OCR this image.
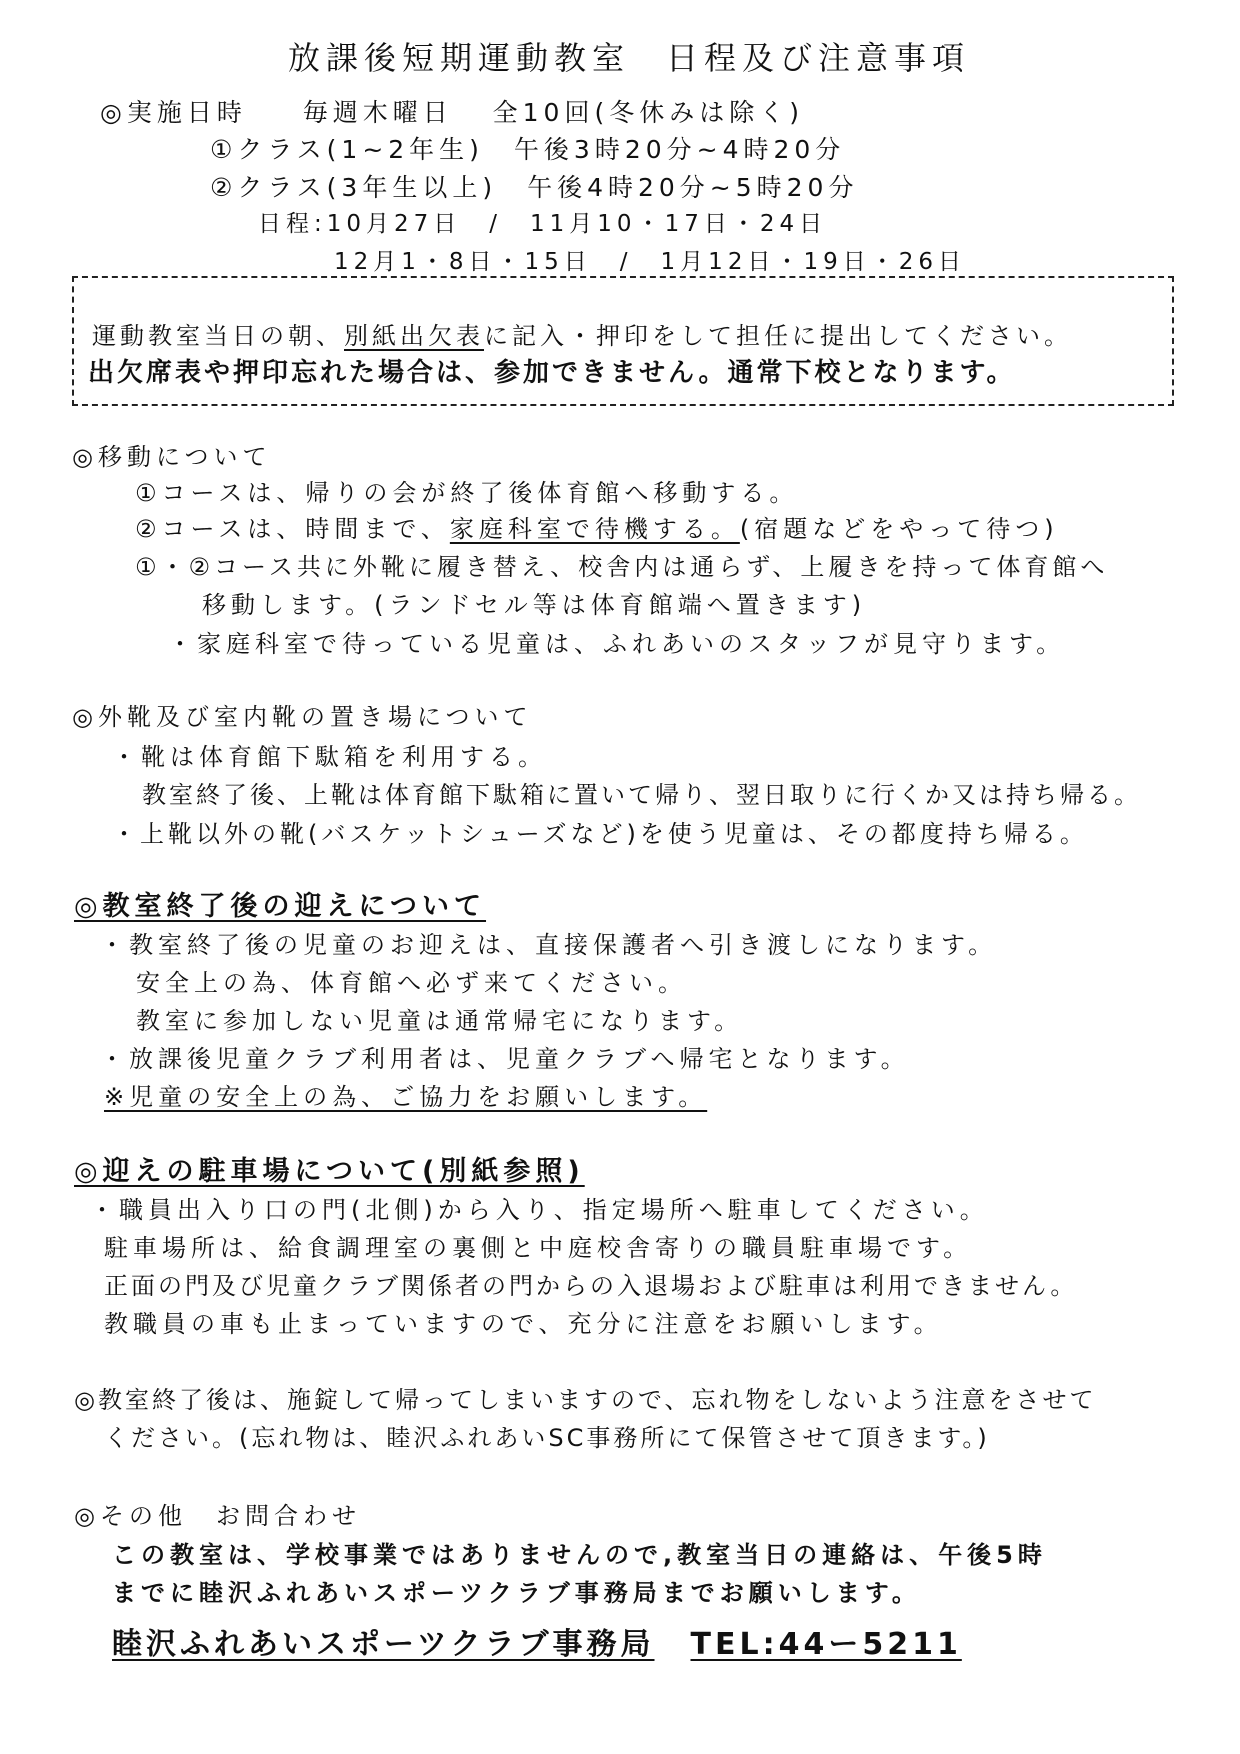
放課後短期運動教室 日程及び注意事項
◎実施日時 毎週木曜日 全10回(冬休みは除く)
①クラス(1~2年生)　午後3時20分~4時20分
②クラス(3年生以上)　午後4時20分~5時20分
日程:10月27日　/　11月10・17日・24日
12月1・8日・15日　/　1月12日・19日・26日
運動教室当日の朝、別紙出欠表に記入・押印をして担任に提出してください。
出欠席表や押印忘れた場合は、参加できません。通常下校となります。
◎移動について
①コースは、帰りの会が終了後体育館へ移動する。
②コースは、時間まで、家庭科室で待機する。(宿題などをやって待つ)
①・②コース共に外靴に履き替え、校舎内は通らず、上履きを持って体育館へ
移動します。(ランドセル等は体育館端へ置きます)
・家庭科室で待っている児童は、ふれあいのスタッフが見守ります。
◎外靴及び室内靴の置き場について
・靴は体育館下駄箱を利用する。
教室終了後、上靴は体育館下駄箱に置いて帰り、翌日取りに行くか又は持ち帰る。
・上靴以外の靴(バスケットシューズなど)を使う児童は、その都度持ち帰る。
◎教室終了後の迎えについて
・教室終了後の児童のお迎えは、直接保護者へ引き渡しになります。
安全上の為、体育館へ必ず来てください。
教室に参加しない児童は通常帰宅になります。
・放課後児童クラブ利用者は、児童クラブへ帰宅となります。
※児童の安全上の為、ご協力をお願いします。
◎迎えの駐車場について(別紙参照)
・職員出入り口の門(北側)から入り、指定場所へ駐車してください。
駐車場所は、給食調理室の裏側と中庭校舎寄りの職員駐車場です。
正面の門及び児童クラブ関係者の門からの入退場および駐車は利用できません。
教職員の車も止まっていますので、充分に注意をお願いします。
◎教室終了後は、施錠して帰ってしまいますので、忘れ物をしないよう注意をさせて
ください。(忘れ物は、睦沢ふれあいSC事務所にて保管させて頂きます。)
◎その他　お問合わせ
この教室は、学校事業ではありませんので,教室当日の連絡は、午後5時
までに睦沢ふれあいスポーツクラブ事務局までお願いします。
睦沢ふれあいスポーツクラブ事務局 TEL:44ー5211
